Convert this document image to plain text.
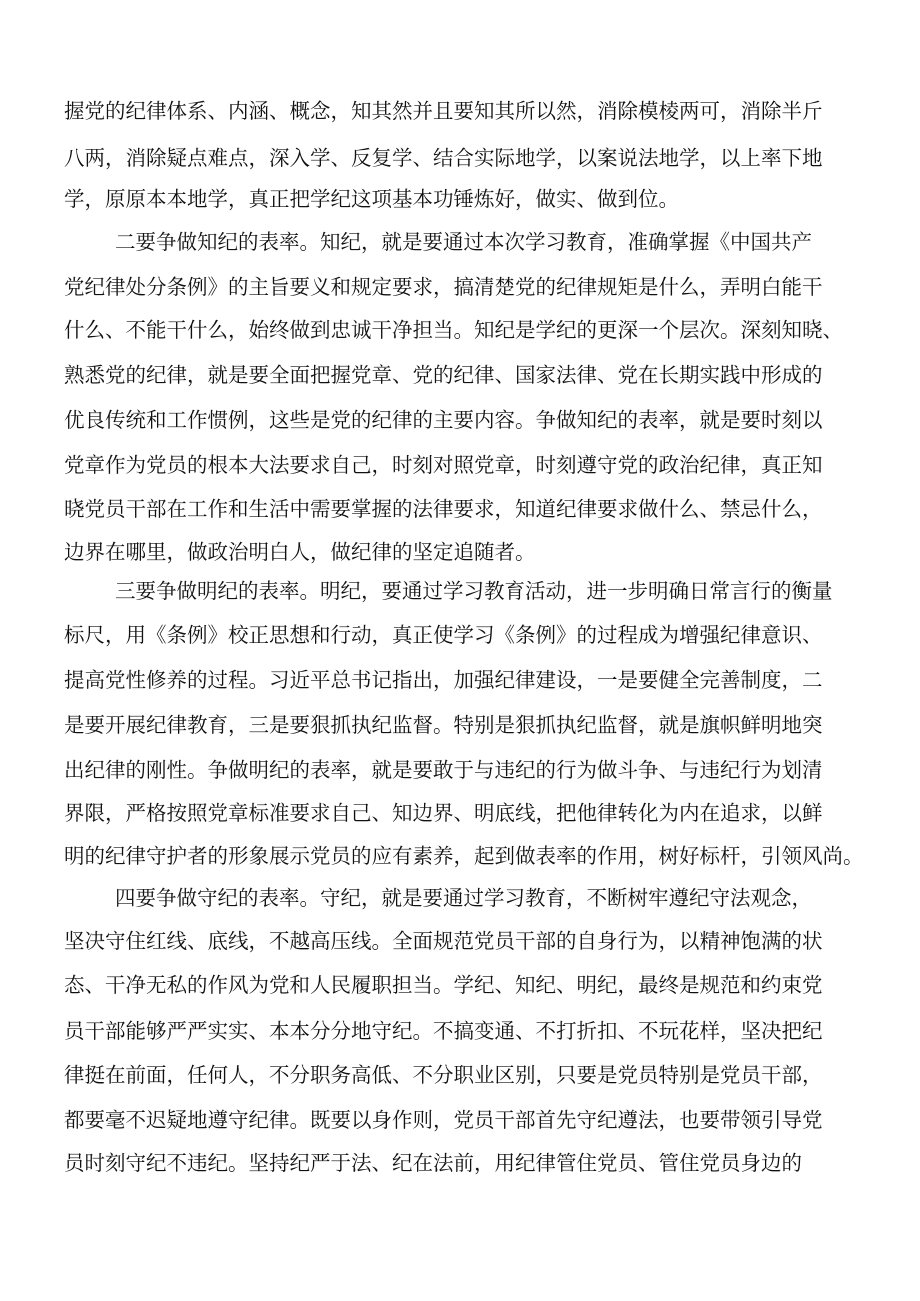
握党的纪律体系、内涵、概念，知其然并且要知其所以然，消除模棱两可，消除半斤
八两，消除疑点难点，深入学、反复学、结合实际地学，以案说法地学，以上率下地
学，原原本本地学，真正把学纪这项基本功锤炼好，做实、做到位。
二要争做知纪的表率。知纪，就是要通过本次学习教育，准确掌握《中国共产
党纪律处分条例》的主旨要义和规定要求，搞清楚党的纪律规矩是什么，弄明白能干
什么、不能干什么，始终做到忠诚干净担当。知纪是学纪的更深一个层次。深刻知晓、
熟悉党的纪律，就是要全面把握党章、党的纪律、国家法律、党在长期实践中形成的
优良传统和工作惯例，这些是党的纪律的主要内容。争做知纪的表率，就是要时刻以
党章作为党员的根本大法要求自己，时刻对照党章，时刻遵守党的政治纪律，真正知
晓党员干部在工作和生活中需要掌握的法律要求，知道纪律要求做什么、禁忌什么，
边界在哪里，做政治明白人，做纪律的坚定追随者。
三要争做明纪的表率。明纪，要通过学习教育活动，进一步明确日常言行的衡量
标尺，用《条例》校正思想和行动，真正使学习《条例》的过程成为增强纪律意识、
提高党性修养的过程。习近平总书记指出，加强纪律建设，一是要健全完善制度，二
是要开展纪律教育，三是要狠抓执纪监督。特别是狠抓执纪监督，就是旗帜鲜明地突
出纪律的刚性。争做明纪的表率，就是要敢于与违纪的行为做斗争、与违纪行为划清
界限，严格按照党章标准要求自己、知边界、明底线，把他律转化为内在追求，以鲜
明的纪律守护者的形象展示党员的应有素养，起到做表率的作用，树好标杆，引领风尚。
四要争做守纪的表率。守纪，就是要通过学习教育，不断树牢遵纪守法观念，
坚决守住红线、底线，不越高压线。全面规范党员干部的自身行为，以精神饱满的状
态、干净无私的作风为党和人民履职担当。学纪、知纪、明纪，最终是规范和约束党
员干部能够严严实实、本本分分地守纪。不搞变通、不打折扣、不玩花样，坚决把纪
律挺在前面，任何人，不分职务高低、不分职业区别，只要是党员特别是党员干部，
都要毫不迟疑地遵守纪律。既要以身作则，党员干部首先守纪遵法，也要带领引导党
员时刻守纪不违纪。坚持纪严于法、纪在法前，用纪律管住党员、管住党员身边的
